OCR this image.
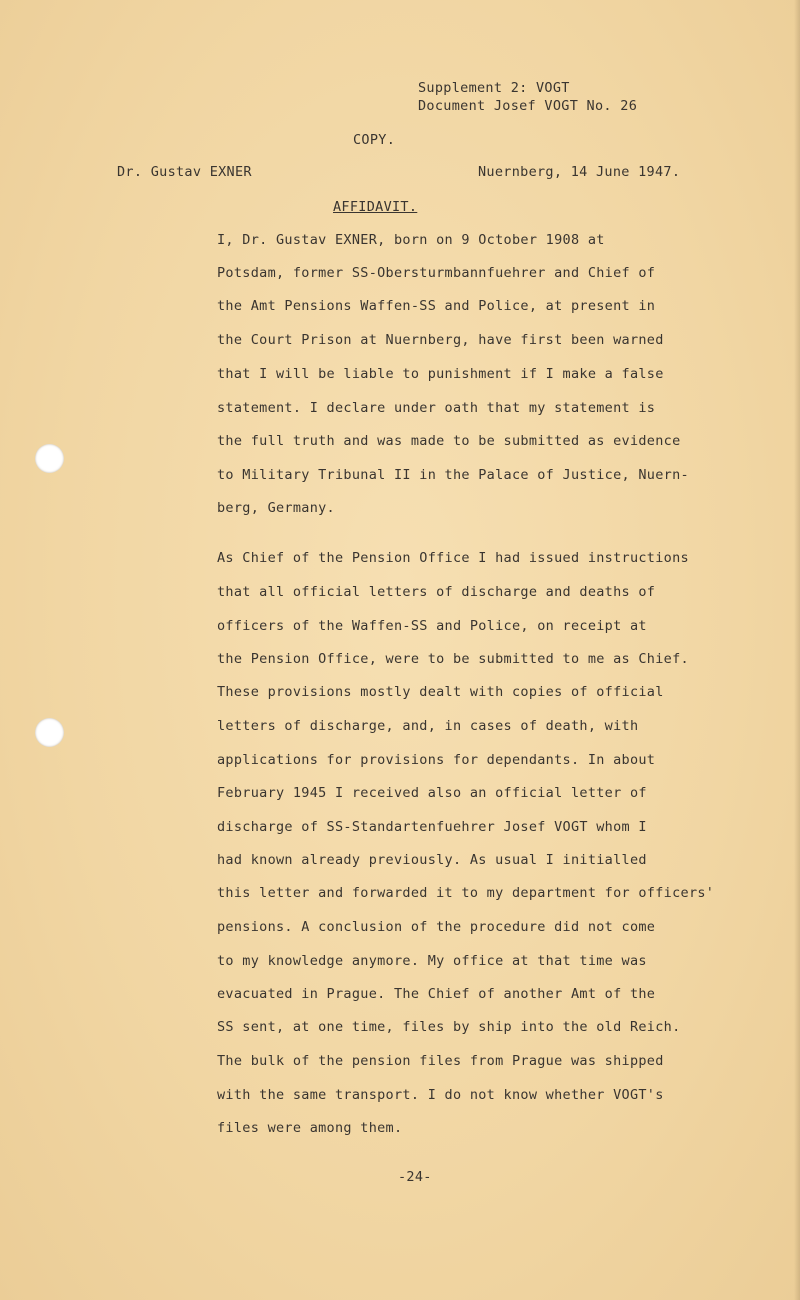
Supplement 2: VOGT
Document Josef VOGT No. 26
COPY.
Dr. Gustav EXNER	Nuernberg, 14 June 1947.
AFFIDAVIT.
I, Dr. Gustav EXNER, born on 9 October 1908 at
Potsdam, former SS-Obersturmbannfuehrer and Chief of
the Amt Pensions Waffen-SS and Police, at present in
the Court Prison at Nuernberg, have first been warned
that I will be liable to punishment if I make a false
statement. I declare under oath that my statement is
the full truth and was made to be submitted as evidence
to Military Tribunal II in the Palace of Justice, Nuern-
berg, Germany.
As Chief of the Pension Office I had issued instructions
that all official letters of discharge and deaths of
officers of the Waffen-SS and Police, on receipt at
the Pension Office, were to be submitted to me as Chief.
These provisions mostly dealt with copies of official
letters of discharge, and, in cases of death, with
applications for provisions for dependants. In about
February 1945 I received also an official letter of
discharge of SS-Standartenfuehrer Josef VOGT whom I
had known already previously. As usual I initialled
this letter and forwarded it to my department for officers'
pensions. A conclusion of the procedure did not come
to my knowledge anymore. My office at that time was
evacuated in Prague. The Chief of another Amt of the
SS sent, at one time, files by ship into the old Reich.
The bulk of the pension files from Prague was shipped
with the same transport. I do not know whether VOGT's
files were among them.
-24-
